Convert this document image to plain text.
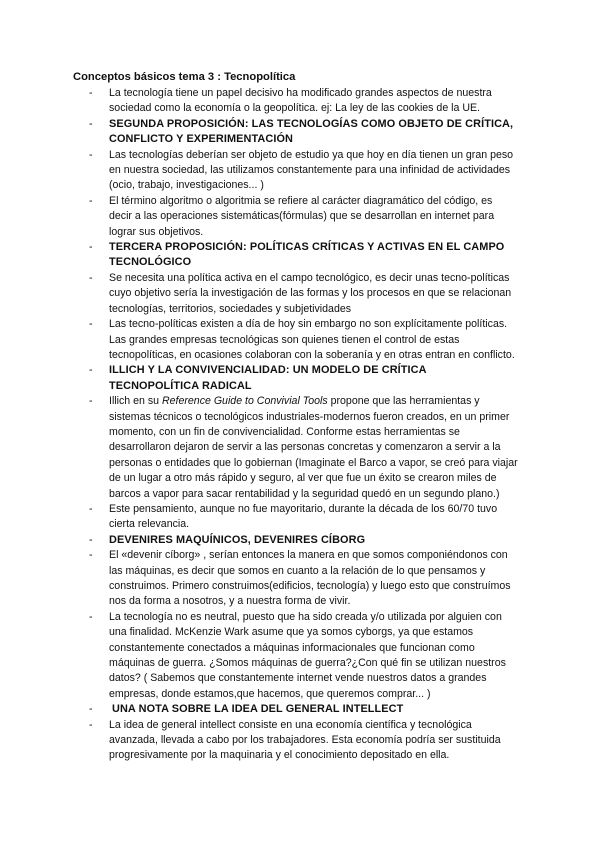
Conceptos básicos tema 3 : Tecnopolítica

- La tecnología tiene un papel decisivo ha modificado grandes aspectos de nuestra sociedad como la economía o la geopolítica. ej: La ley de las cookies de la UE.

- SEGUNDA PROPOSICIÓN: LAS TECNOLOGÍAS COMO OBJETO DE CRÍTICA, CONFLICTO Y EXPERIMENTACIÓN

- Las tecnologías deberían ser objeto de estudio ya que hoy en día tienen un gran peso en nuestra sociedad, las utilizamos constantemente para una infinidad de actividades (ocio, trabajo, investigaciones... )

- El término algoritmo o algoritmia se refiere al carácter diagramático del código, es decir a las operaciones sistemáticas(fórmulas) que se desarrollan en internet para lograr sus objetivos.

- TERCERA PROPOSICIÓN: POLÍTICAS CRÍTICAS Y ACTIVAS EN EL CAMPO TECNOLÓGICO

- Se necesita una política activa en el campo tecnológico, es decir unas tecno-políticas cuyo objetivo sería la investigación de las formas y los procesos en que se relacionan tecnologías, territorios, sociedades y subjetividades

- Las tecno-políticas existen a día de hoy sin embargo no son explícitamente políticas. Las grandes empresas tecnológicas son quienes tienen el control de estas tecnopolíticas, en ocasiones colaboran con la soberanía y en otras entran en conflicto.

- ILLICH Y LA CONVIVENCIALIDAD: UN MODELO DE CRÍTICA TECNOPOLÍTICA RADICAL

- Illich en su Reference Guide to Convivial Tools propone que las herramientas y sistemas técnicos o tecnológicos industriales-modernos fueron creados, en un primer momento, con un fin de convivencialidad. Conforme estas herramientas se desarrollaron dejaron de servir a las personas concretas y comenzaron a servir a la personas o entidades que lo gobiernan (Imaginate el Barco a vapor, se creó para viajar de un lugar a otro más rápido y seguro, al ver que fue un éxito se crearon miles de barcos a vapor para sacar rentabilidad y la seguridad quedó en un segundo plano.)

- Este pensamiento, aunque no fue mayoritario, durante la década de los 60/70 tuvo cierta relevancia.

- DEVENIRES MAQUÍNICOS, DEVENIRES CÍBORG

- El «devenir cíborg» , serían entonces la manera en que somos componiéndonos con las máquinas, es decir que somos en cuanto a la relación de lo que pensamos y construimos. Primero construimos(edificios, tecnología) y luego esto que construímos nos da forma a nosotros, y a nuestra forma de vivir.

- La tecnología no es neutral, puesto que ha sido creada y/o utilizada por alguien con una finalidad. McKenzie Wark asume que ya somos cyborgs, ya que estamos constantemente conectados a máquinas informacionales que funcionan como máquinas de guerra. ¿Somos máquinas de guerra?¿Con qué fin se utilizan nuestros datos? ( Sabemos que constantemente internet vende nuestros datos a grandes empresas, donde estamos,que hacemos, que queremos comprar... )

- UNA NOTA SOBRE LA IDEA DEL GENERAL INTELLECT

- La idea de general intellect consiste en una economía científica y tecnológica avanzada, llevada a cabo por los trabajadores. Esta economía podría ser sustituida progresivamente por la maquinaria y el conocimiento depositado en ella.
